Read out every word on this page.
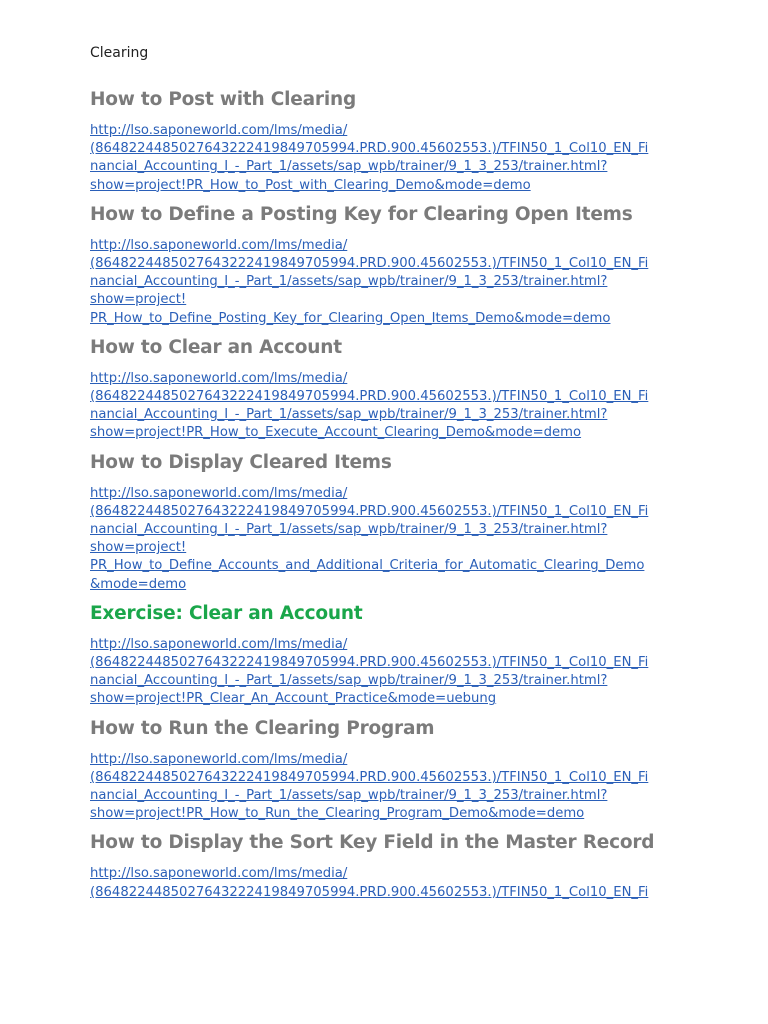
Clearing
How to Post with Clearing
http://lso.saponeworld.com/lms/media/
(8648224485027643222419849705994.PRD.900.45602553.)/TFIN50_1_Col10_EN_Fi
nancial_Accounting_I_-_Part_1/assets/sap_wpb/trainer/9_1_3_253/trainer.html?
show=project!PR_How_to_Post_with_Clearing_Demo&mode=demo
How to Define a Posting Key for Clearing Open Items
http://lso.saponeworld.com/lms/media/
(8648224485027643222419849705994.PRD.900.45602553.)/TFIN50_1_Col10_EN_Fi
nancial_Accounting_I_-_Part_1/assets/sap_wpb/trainer/9_1_3_253/trainer.html?
show=project!
PR_How_to_Define_Posting_Key_for_Clearing_Open_Items_Demo&mode=demo
How to Clear an Account
http://lso.saponeworld.com/lms/media/
(8648224485027643222419849705994.PRD.900.45602553.)/TFIN50_1_Col10_EN_Fi
nancial_Accounting_I_-_Part_1/assets/sap_wpb/trainer/9_1_3_253/trainer.html?
show=project!PR_How_to_Execute_Account_Clearing_Demo&mode=demo
How to Display Cleared Items
http://lso.saponeworld.com/lms/media/
(8648224485027643222419849705994.PRD.900.45602553.)/TFIN50_1_Col10_EN_Fi
nancial_Accounting_I_-_Part_1/assets/sap_wpb/trainer/9_1_3_253/trainer.html?
show=project!
PR_How_to_Define_Accounts_and_Additional_Criteria_for_Automatic_Clearing_Demo
&mode=demo
Exercise: Clear an Account
http://lso.saponeworld.com/lms/media/
(8648224485027643222419849705994.PRD.900.45602553.)/TFIN50_1_Col10_EN_Fi
nancial_Accounting_I_-_Part_1/assets/sap_wpb/trainer/9_1_3_253/trainer.html?
show=project!PR_Clear_An_Account_Practice&mode=uebung
How to Run the Clearing Program
http://lso.saponeworld.com/lms/media/
(8648224485027643222419849705994.PRD.900.45602553.)/TFIN50_1_Col10_EN_Fi
nancial_Accounting_I_-_Part_1/assets/sap_wpb/trainer/9_1_3_253/trainer.html?
show=project!PR_How_to_Run_the_Clearing_Program_Demo&mode=demo
How to Display the Sort Key Field in the Master Record
http://lso.saponeworld.com/lms/media/
(8648224485027643222419849705994.PRD.900.45602553.)/TFIN50_1_Col10_EN_Fi
